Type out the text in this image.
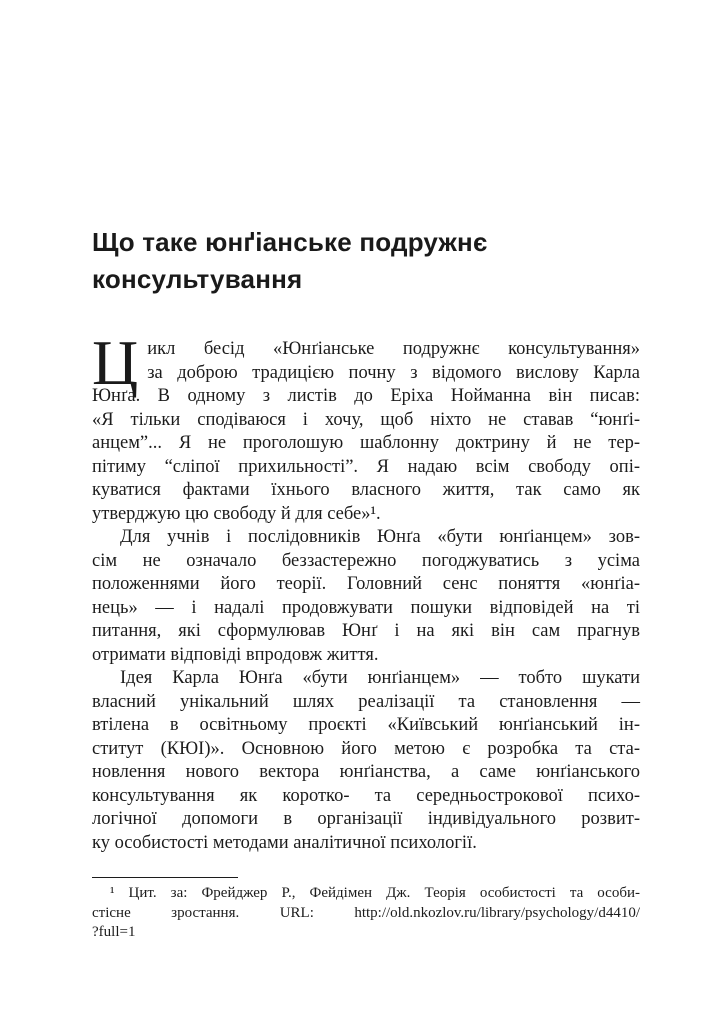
Що таке юнґіанське подружнє
консультування
Ц икл бесід «Юнґіанське подружнє консультування»
за доброю традицією почну з відомого вислову Карла
Юнґа. В одному з листів до Еріха Нойманна він писав:
«Я тільки сподіваюся і хочу, щоб ніхто не ставав “юнґі-
анцем”... Я не проголошую шаблонну доктрину й не тер-
пітиму “сліпої прихильності”. Я надаю всім свободу опі-
куватися фактами їхнього власного життя, так само як
утверджую цю свободу й для себе»¹.
Для учнів і послідовників Юнґа «бути юнґіанцем» зов-
сім не означало беззастережно погоджуватись з усіма
положеннями його теорії. Головний сенс поняття «юнґіа-
нець» — і надалі продовжувати пошуки відповідей на ті
питання, які сформулював Юнґ і на які він сам прагнув
отримати відповіді впродовж життя.
Ідея Карла Юнґа «бути юнґіанцем» — тобто шукати
власний унікальний шлях реалізації та становлення —
втілена в освітньому проєкті «Київський юнґіанський ін-
ститут (КЮІ)». Основною його метою є розробка та ста-
новлення нового вектора юнґіанства, а саме юнґіанського
консультування як коротко- та середньострокової психо-
логічної допомоги в організації індивідуального розвит-
ку особистості методами аналітичної психології.
¹ Цит. за: Фрейджер Р., Фейдімен Дж. Теорія особистості та особи-
стісне зростання. URL: http://old.nkozlov.ru/library/psychology/d4410/
?full=1
